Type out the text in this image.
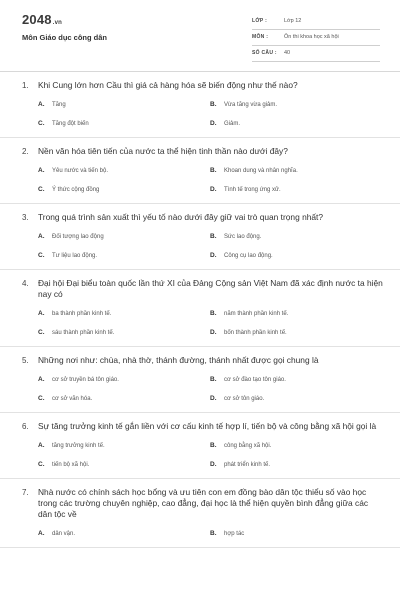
2048.vn
Môn Giáo dục công dân
LỚP :	Lớp 12
MÔN :	Ôn thi khoa học xã hội
SỐ CÂU : 40
1.	Khi Cung lớn hơn Cầu thì giá cả hàng hóa sẽ biến động như thế nào?
A.	Tăng	B.	Vừa tăng vừa giảm.
C.	Tăng đột biến	D.	Giảm.
2.	Nền văn hóa tiên tiến của nước ta thể hiện tinh thần nào dưới đây?
A.	Yêu nước và tiến bộ.	B.	Khoan dung và nhân nghĩa.
C.	Ý thức cộng đồng	D.	Tình tế trong ứng xử.
3.	Trong quá trình sản xuất thì yếu tố nào dưới đây giữ vai trò quan trọng nhất?
A.	Đối tượng lao động	B.	Sức lao động.
C.	Tư liệu lao động.	D.	Công cụ lao động.
4.	Đại hội Đại biểu toàn quốc lần thứ XI của Đảng Cộng sản Việt Nam đã xác định nước ta hiện nay có
A.	ba thành phần kinh tế.	B.	năm thành phần kinh tế.
C.	sáu thành phần kinh tế.	D.	bốn thành phần kinh tế.
5.	Những nơi như: chùa, nhà thờ, thánh đường, thánh nhất được gọi chung là
A.	cơ sở truyền bá tôn giáo.	B.	cơ sở đào tạo tôn giáo.
C.	cơ sở văn hóa.	D.	cơ sở tôn giáo.
6.	Sự tăng trưởng kinh tế gắn liền với cơ cấu kinh tế hợp lí, tiến bộ và công bằng xã hội gọi là
A.	tăng trưởng kinh tế.	B.	công bằng xã hội.
C.	tiến bộ xã hội.	D.	phát triển kinh tế.
7.	Nhà nước có chính sách học bổng và ưu tiên con em đồng bào dân tộc thiểu số vào học trong các trường chuyên nghiệp, cao đẳng, đại học là thể hiện quyền bình đẳng giữa các dân tộc về
A.	dân vận.	B.	hợp tác
